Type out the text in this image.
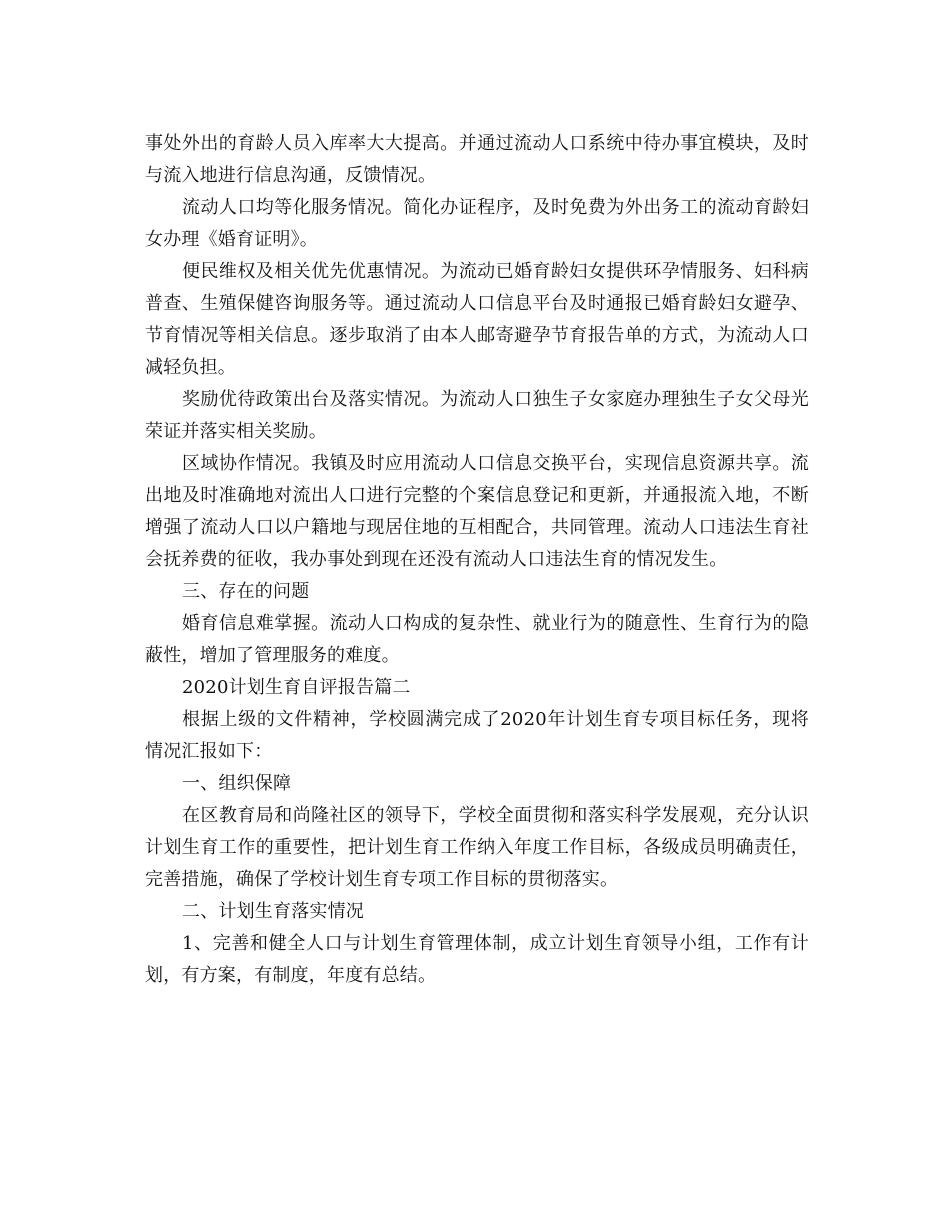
事处外出的育龄人员入库率大大提高。并通过流动人口系统中待办事宜模块，及时与流入地进行信息沟通，反馈情况。

流动人口均等化服务情况。简化办证程序，及时免费为外出务工的流动育龄妇女办理《婚育证明》。

便民维权及相关优先优惠情况。为流动已婚育龄妇女提供环孕情服务、妇科病普查、生殖保健咨询服务等。通过流动人口信息平台及时通报已婚育龄妇女避孕、节育情况等相关信息。逐步取消了由本人邮寄避孕节育报告单的方式，为流动人口减轻负担。

奖励优待政策出台及落实情况。为流动人口独生子女家庭办理独生子女父母光荣证并落实相关奖励。

区域协作情况。我镇及时应用流动人口信息交换平台，实现信息资源共享。流出地及时准确地对流出人口进行完整的个案信息登记和更新，并通报流入地，不断增强了流动人口以户籍地与现居住地的互相配合，共同管理。流动人口违法生育社会抚养费的征收，我办事处到现在还没有流动人口违法生育的情况发生。

三、存在的问题

婚育信息难掌握。流动人口构成的复杂性、就业行为的随意性、生育行为的隐蔽性，增加了管理服务的难度。

2020计划生育自评报告篇二

根据上级的文件精神，学校圆满完成了2020年计划生育专项目标任务，现将情况汇报如下：

一、组织保障

在区教育局和尚隆社区的领导下，学校全面贯彻和落实科学发展观，充分认识计划生育工作的重要性，把计划生育工作纳入年度工作目标，各级成员明确责任，完善措施，确保了学校计划生育专项工作目标的贯彻落实。

二、计划生育落实情况

1、完善和健全人口与计划生育管理体制，成立计划生育领导小组，工作有计划，有方案，有制度，年度有总结。
